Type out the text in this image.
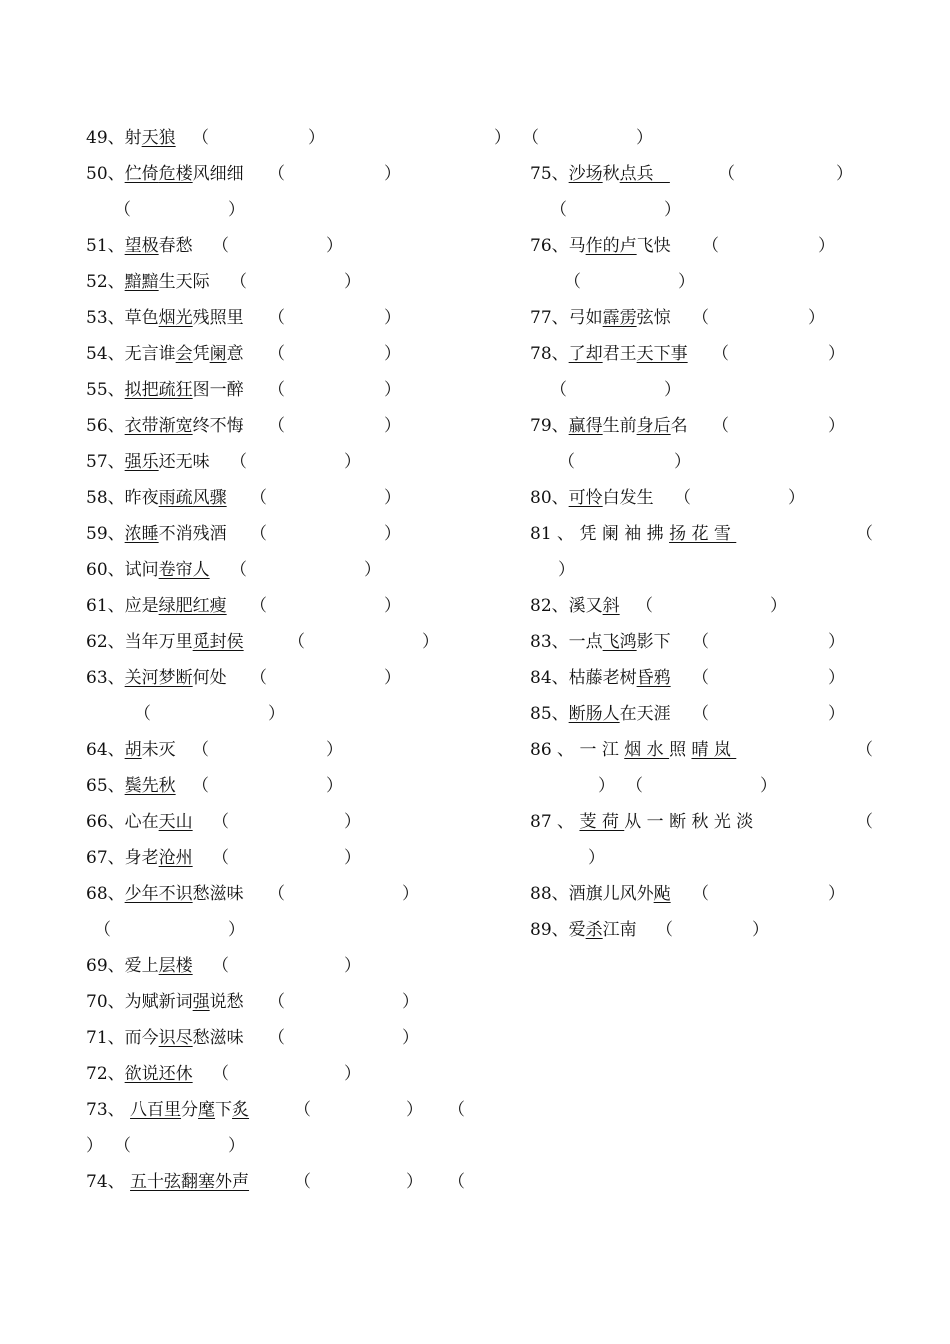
49、射天狼 （	）
50、伫倚危楼风细细 （	）
（	）
51、望极春愁 （	）
52、黯黯生天际 （	）
53、草色烟光残照里 （	）
54、无言谁会凭阑意 （	）
55、拟把疏狂图一醉 （	）
56、衣带渐宽终不悔 （	）
57、强乐还无味 （	）
58、昨夜雨疏风骤 （	）
59、浓睡不消残酒 （	）
60、试问卷帘人 （	）
61、应是绿肥红瘦 （	）
62、当年万里觅封侯	（	）
63、关河梦断何处 （	）
（	）
64、胡未灭 （	）
65、鬓先秋 （	）
66、心在天山 （	）
67、身老沧州 （	）
68、少年不识愁滋味 （	）
（	）
69、爱上层楼 （	）
70、为赋新词强说愁 （	）
71、而今识尽愁滋味 （	）
72、欲说还休 （	）
73、 八百里分麾下炙	（	） （
） （	）
74、 五十弦翻塞外声	（	） （
） （	）
75、沙场秋点兵	（	）
（	）
76、马作的卢飞快 （	）
（	）
77、弓如霹雳弦惊 （	）
78、了却君王天下事 （	）
（	）
79、赢得生前身后名 （	）
（	）
80、可怜白发生 （	）
81 、 凭 阑 袖 拂 扬 花 雪	（
）
82、溪又斜 （	）
83、一点飞鸿影下 （	）
84、枯藤老树昏鸦 （	）
85、断肠人在天涯 （	）
86 、 一 江 烟 水 照 晴 岚	（
） （	）
87 、 芰 荷 从 一 断 秋 光 淡	（
）
88、酒旗儿风外飐 （	）
89、爱杀江南 （	）
